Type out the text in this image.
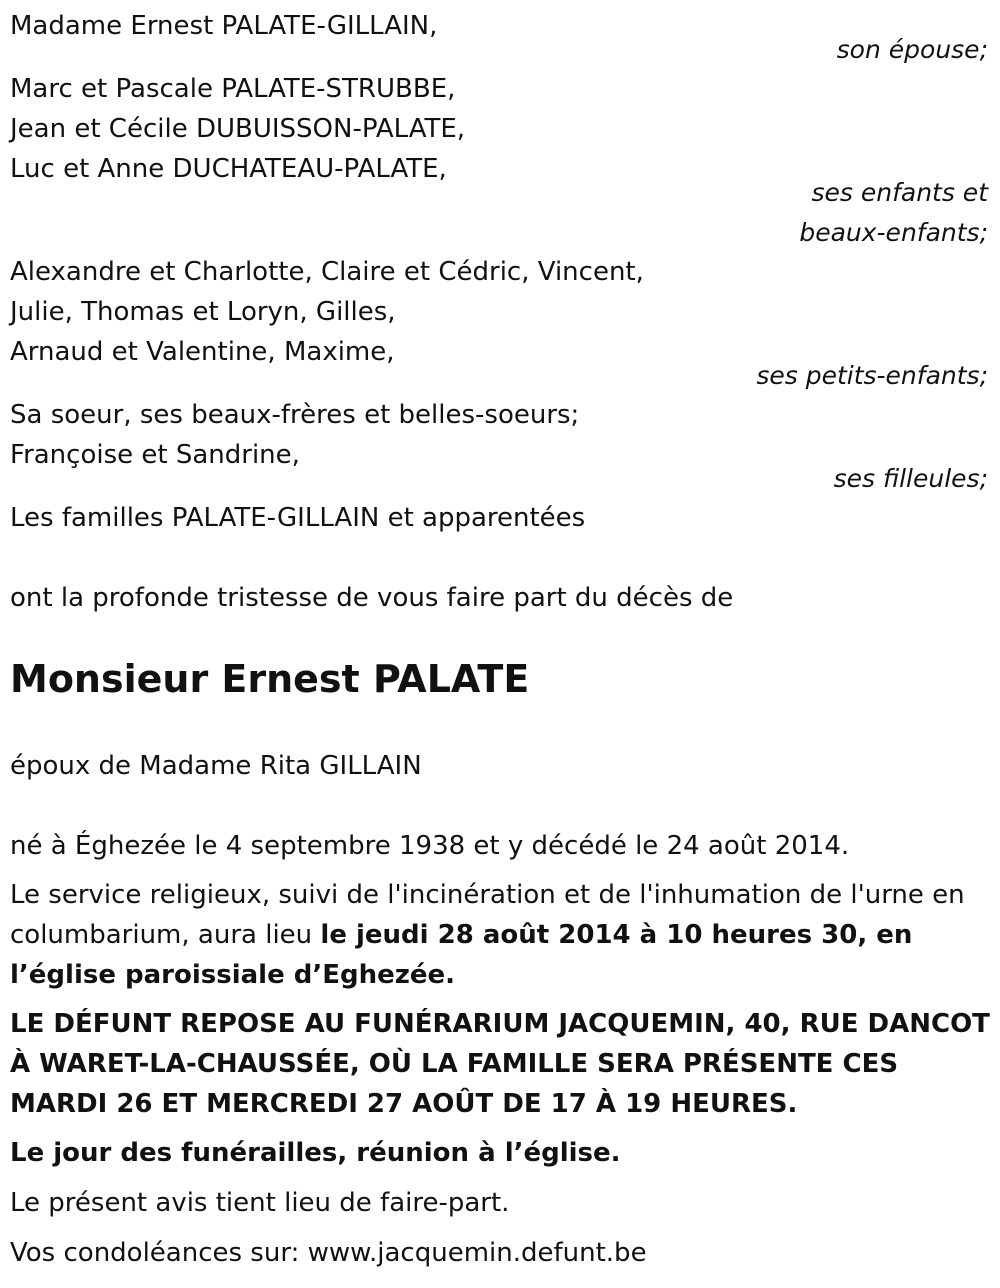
Madame Ernest PALATE-GILLAIN,
son épouse;
Marc et Pascale PALATE-STRUBBE,
Jean et Cécile DUBUISSON-PALATE,
Luc et Anne DUCHATEAU-PALATE,
ses enfants et
beaux-enfants;
Alexandre et Charlotte, Claire et Cédric, Vincent,
Julie, Thomas et Loryn, Gilles,
Arnaud et Valentine, Maxime,
ses petits-enfants;
Sa soeur, ses beaux-frères et belles-soeurs;
Françoise et Sandrine,
ses filleules;
Les familles PALATE-GILLAIN et apparentées
ont la profonde tristesse de vous faire part du décès de
Monsieur Ernest PALATE
époux de Madame Rita GILLAIN
né à Éghezée le 4 septembre 1938 et y décédé le 24 août 2014.
Le service religieux, suivi de l'incinération et de l'inhumation de l'urne en columbarium, aura lieu le jeudi 28 août 2014 à 10 heures 30, en l’église paroissiale d’Eghezée.
LE DÉFUNT REPOSE AU FUNÉRARIUM JACQUEMIN, 40, RUE DANCOT À WARET-LA-CHAUSSÉE, OÙ LA FAMILLE SERA PRÉSENTE CES MARDI 26 ET MERCREDI 27 AOÛT DE 17 À 19 HEURES.
Le jour des funérailles, réunion à l’église.
Le présent avis tient lieu de faire-part.
Vos condoléances sur: www.jacquemin.defunt.be
